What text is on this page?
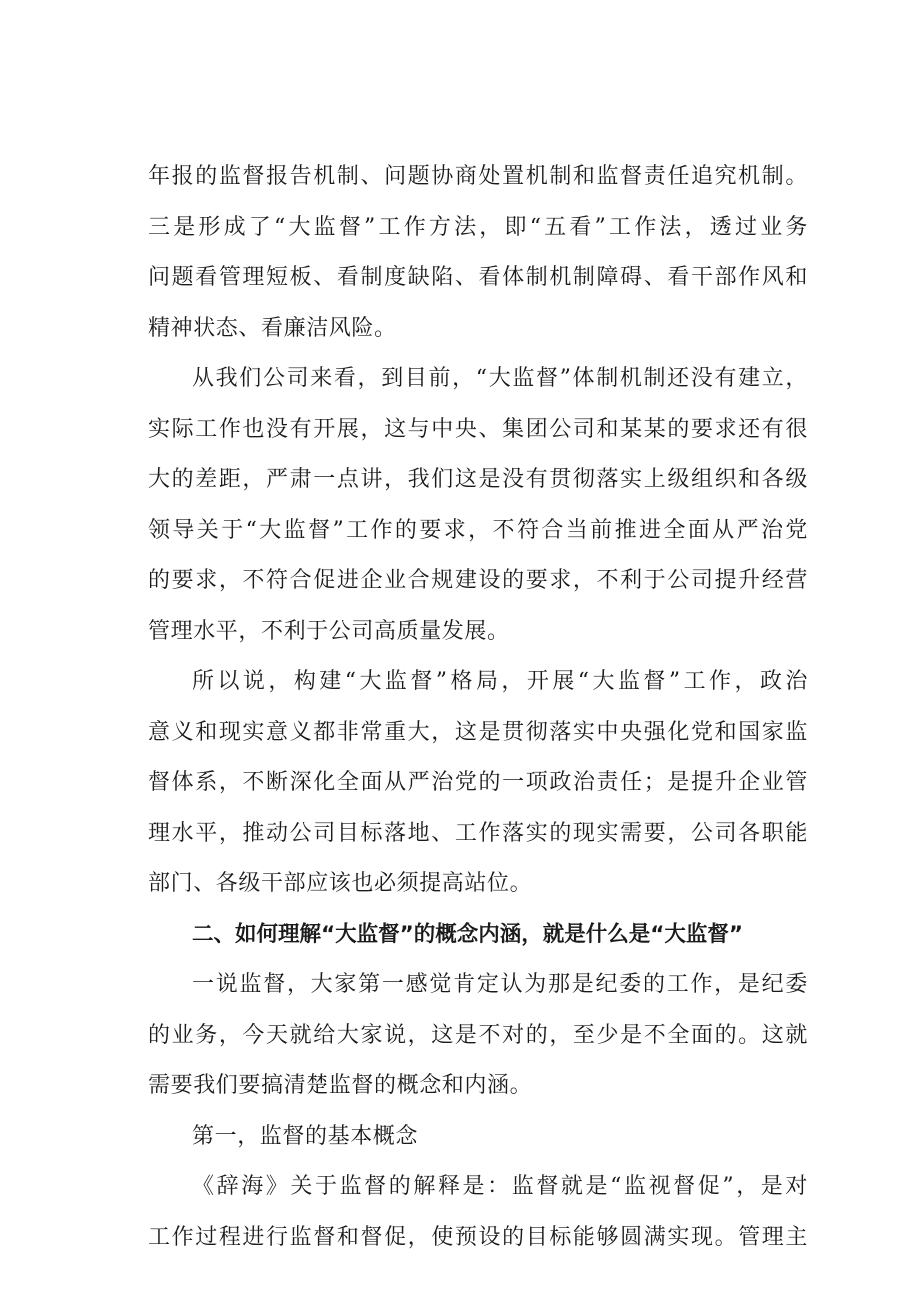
年报的监督报告机制、问题协商处置机制和监督责任追究机制。
三是形成了“大监督”工作方法，即“五看”工作法，透过业务
问题看管理短板、看制度缺陷、看体制机制障碍、看干部作风和
精神状态、看廉洁风险。
从我们公司来看，到目前，“大监督”体制机制还没有建立，
实际工作也没有开展，这与中央、集团公司和某某的要求还有很
大的差距，严肃一点讲，我们这是没有贯彻落实上级组织和各级
领导关于“大监督”工作的要求，不符合当前推进全面从严治党
的要求，不符合促进企业合规建设的要求，不利于公司提升经营
管理水平，不利于公司高质量发展。
所以说，构建“大监督”格局，开展“大监督”工作，政治
意义和现实意义都非常重大，这是贯彻落实中央强化党和国家监
督体系，不断深化全面从严治党的一项政治责任；是提升企业管
理水平，推动公司目标落地、工作落实的现实需要，公司各职能
部门、各级干部应该也必须提高站位。
二、如何理解“大监督”的概念内涵，就是什么是“大监督”
一说监督，大家第一感觉肯定认为那是纪委的工作，是纪委
的业务，今天就给大家说，这是不对的，至少是不全面的。这就
需要我们要搞清楚监督的概念和内涵。
第一，监督的基本概念
《辞海》关于监督的解释是：监督就是“监视督促”，是对
工作过程进行监督和督促，使预设的目标能够圆满实现。管理主
